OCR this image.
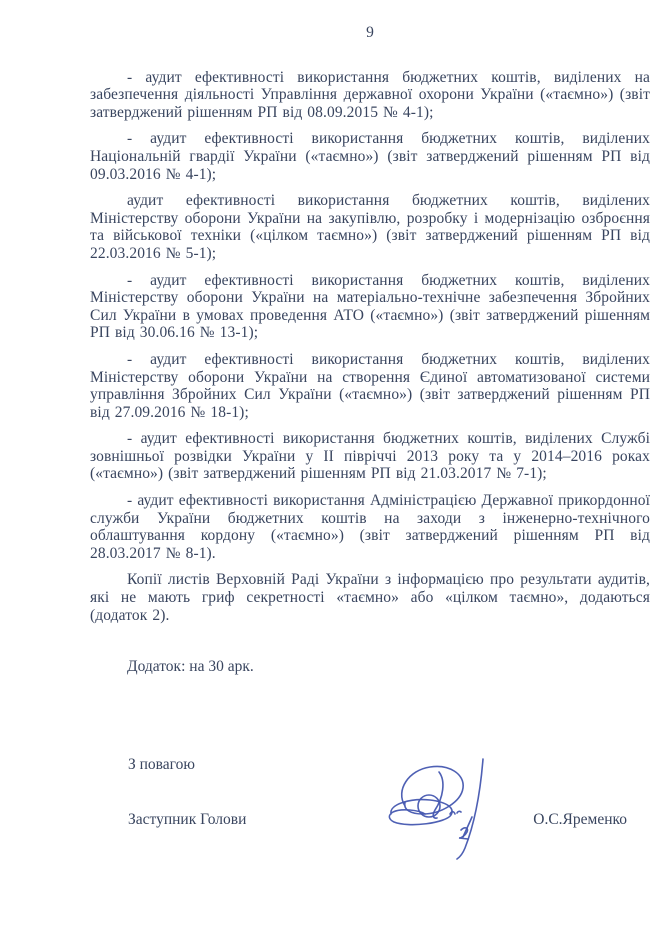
9

- аудит ефективності використання бюджетних коштів, виділених на забезпечення діяльності Управління державної охорони України («таємно») (звіт затверджений рішенням РП від 08.09.2015 № 4-1);

- аудит ефективності використання бюджетних коштів, виділених Національній гвардії України («таємно») (звіт затверджений рішенням РП від 09.03.2016 № 4-1);

аудит ефективності використання бюджетних коштів, виділених Міністерству оборони України на закупівлю, розробку і модернізацію озброєння та військової техніки («цілком таємно») (звіт затверджений рішенням РП від 22.03.2016 № 5-1);

- аудит ефективності використання бюджетних коштів, виділених Міністерству оборони України на матеріально-технічне забезпечення Збройних Сил України в умовах проведення АТО («таємно») (звіт затверджений рішенням РП від 30.06.16 № 13-1);

- аудит ефективності використання бюджетних коштів, виділених Міністерству оборони України на створення Єдиної автоматизованої системи управління Збройних Сил України («таємно») (звіт затверджений рішенням РП від 27.09.2016 № 18-1);

- аудит ефективності використання бюджетних коштів, виділених Службі зовнішньої розвідки України у II півріччі 2013 року та у 2014–2016 роках («таємно») (звіт затверджений рішенням РП від 21.03.2017 № 7-1);

- аудит ефективності використання Адміністрацією Державної прикордонної служби України бюджетних коштів на заходи з інженерно-технічного облаштування кордону («таємно») (звіт затверджений рішенням РП від 28.03.2017 № 8-1).

Копії листів Верховній Раді України з інформацією про результати аудитів, які не мають гриф секретності «таємно» або «цілком таємно», додаються (додаток 2).

Додаток: на 30 арк.
З повагою
Заступник Голови	О.С.Яременко
